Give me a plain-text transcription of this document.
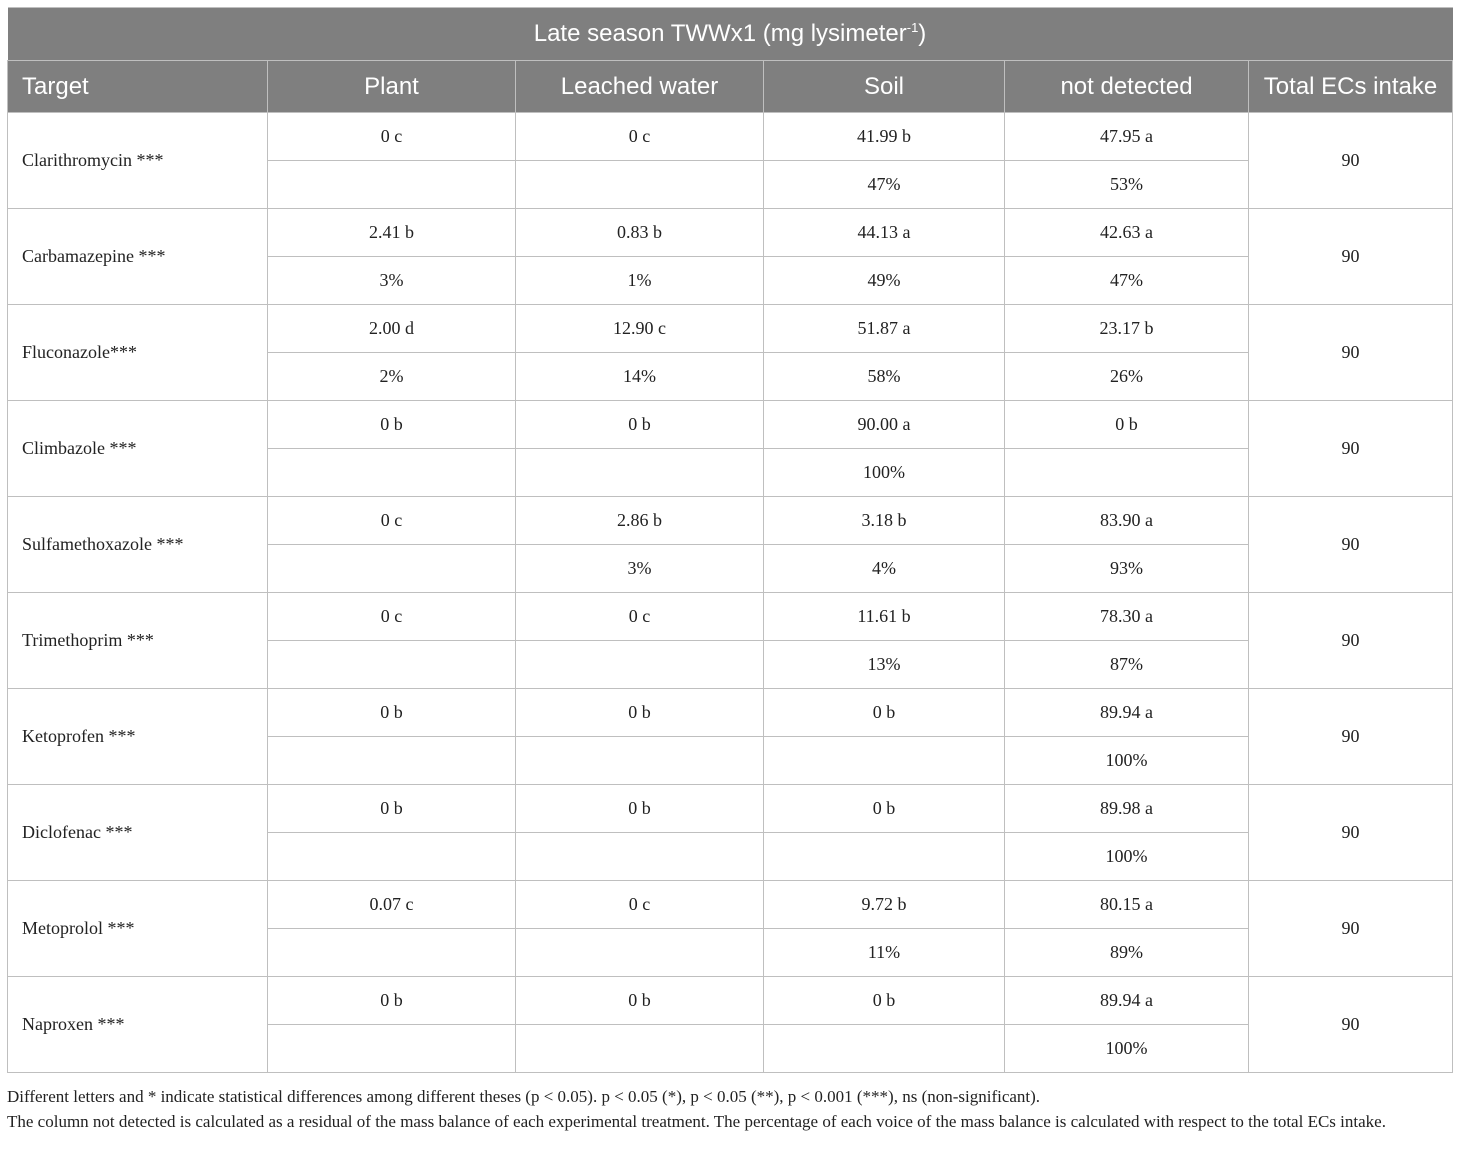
Late season TWWx1 (mg lysimeter$^{-1}$)					
Target	Plant	Leached water	Soil	not detected	Total ECs intake
Clarithromycin ***	0 c	0 c	41.99 b	47.95 a	90
			47%	53%	
Carbamazepine ***	2.41 b	0.83 b	44.13 a	42.63 a	90
	3%	1%	49%	47%	
Fluconazole***	2.00 d	12.90 c	51.87 a	23.17 b	90
	2%	14%	58%	26%	
Climbazole ***	0 b	0 b	90.00 a	0 b	90
			100%		
Sulfamethoxazole ***	0 c	2.86 b	3.18 b	83.90 a	90
		3%	4%	93%	
Trimethoprim ***	0 c	0 c	11.61 b	78.30 a	90
			13%	87%	
Ketoprofen ***	0 b	0 b	0 b	89.94 a	90
				100%	
Diclofenac ***	0 b	0 b	0 b	89.98 a	90
				100%	
Metoprolol ***	0.07 c	0 c	9.72 b	80.15 a	90
			11%	89%	
Naproxen ***	0 b	0 b	0 b	89.94 a	90
				100%	

Different letters and * indicate statistical differences among different theses (p < 0.05). p < 0.05 (*), p < 0.05 (**), p < 0.001 (***), ns (non-significant).

The column not detected is calculated as a residual of the mass balance of each experimental treatment. The percentage of each voice of the mass balance is calculated with respect to the total ECs intake.
